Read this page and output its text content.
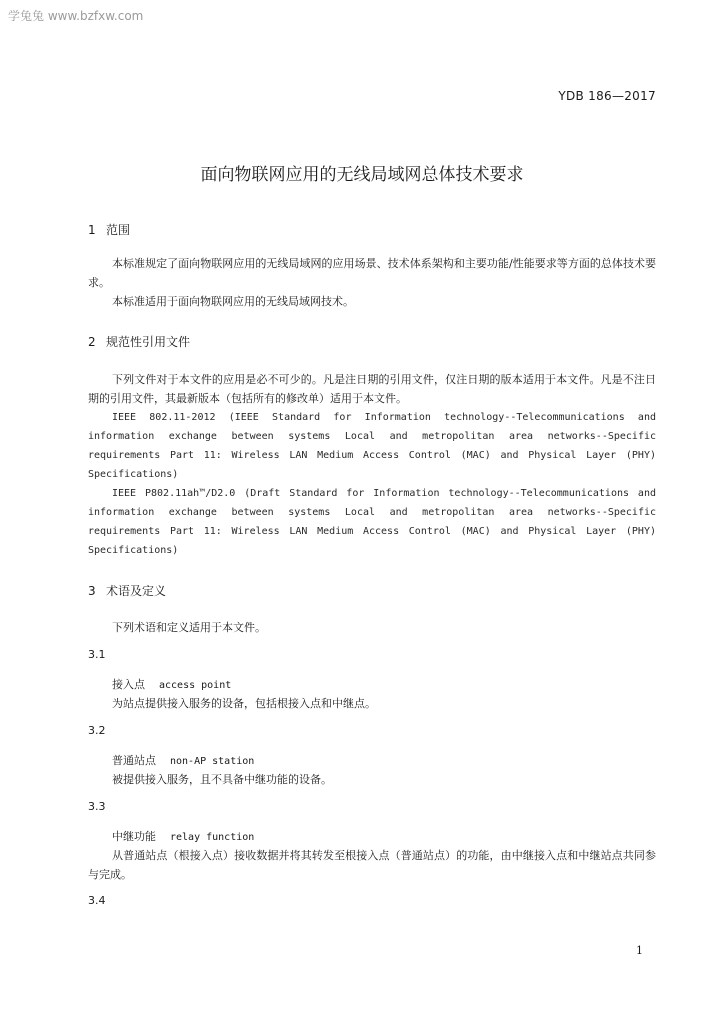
学兔兔 www.bzfxw.com
YDB 186—2017
面向物联网应用的无线局域网总体技术要求
1 范围
本标准规定了面向物联网应用的无线局域网的应用场景、技术体系架构和主要功能/性能要求等方面的总体技术要求。
本标准适用于面向物联网应用的无线局域网技术。
2 规范性引用文件
下列文件对于本文件的应用是必不可少的。凡是注日期的引用文件，仅注日期的版本适用于本文件。凡是不注日期的引用文件，其最新版本（包括所有的修改单）适用于本文件。
IEEE 802.11-2012 (IEEE Standard for Information technology--Telecommunications and information exchange between systems Local and metropolitan area networks--Specific requirements Part 11: Wireless LAN Medium Access Control (MAC) and Physical Layer (PHY) Specifications)
IEEE P802.11ah™/D2.0 (Draft Standard for Information technology--Telecommunications and information exchange between systems Local and metropolitan area networks--Specific requirements Part 11: Wireless LAN Medium Access Control (MAC) and Physical Layer (PHY) Specifications)
3 术语及定义
下列术语和定义适用于本文件。
3.1
接入点 access point
为站点提供接入服务的设备，包括根接入点和中继点。
3.2
普通站点 non-AP station
被提供接入服务，且不具备中继功能的设备。
3.3
中继功能 relay function
从普通站点（根接入点）接收数据并将其转发至根接入点（普通站点）的功能，由中继接入点和中继站点共同参与完成。
3.4
1
